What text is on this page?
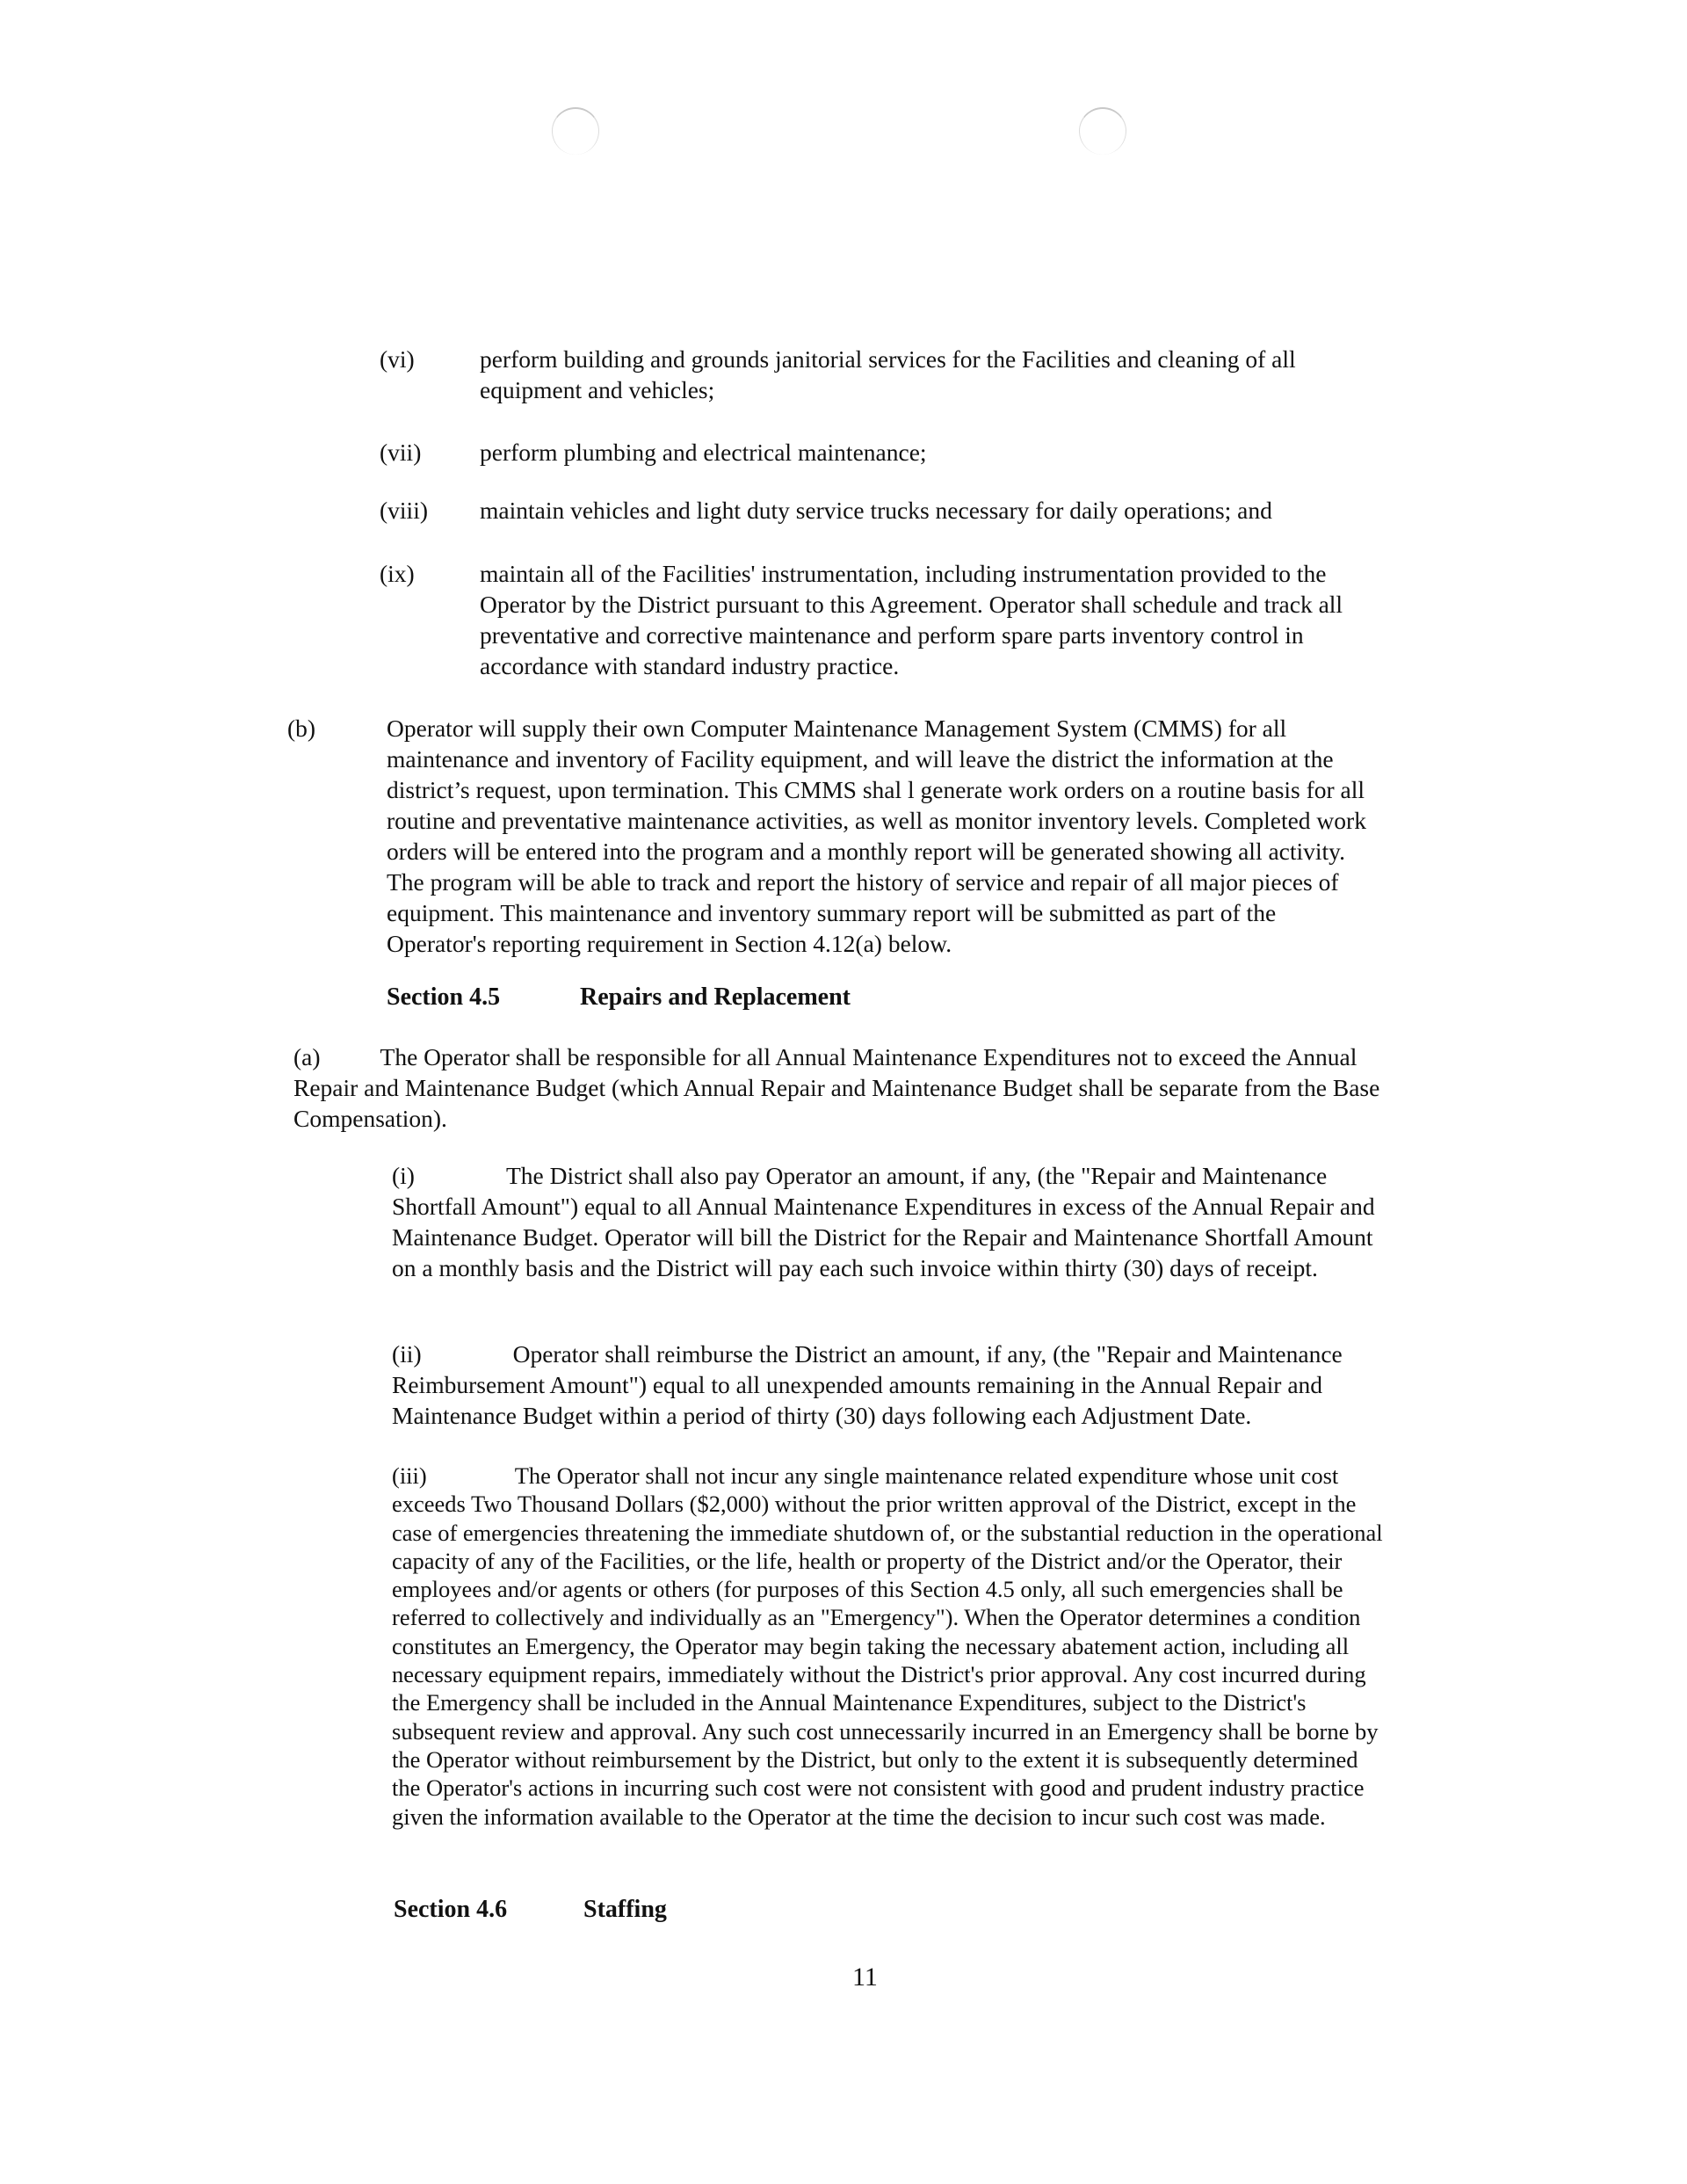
(vi)	perform building and grounds janitorial services for the Facilities and cleaning of all equipment and vehicles;

(vii) perform plumbing and electrical maintenance;

(viii) maintain vehicles and light duty service trucks necessary for daily operations; and

(ix)	maintain all of the Facilities' instrumentation, including instrumentation provided to the Operator by the District pursuant to this Agreement. Operator shall schedule and track all preventative and corrective maintenance and perform spare parts inventory control in accordance with standard industry practice.

(b)	Operator will supply their own Computer Maintenance Management System (CMMS) for all maintenance and inventory of Facility equipment, and will leave the district the information at the district’s request, upon termination. This CMMS shal l generate work orders on a routine basis for all routine and preventative maintenance activities, as well as monitor inventory levels. Completed work orders will be entered into the program and a monthly report will be generated showing all activity. The program will be able to track and report the history of service and repair of all major pieces of equipment. This maintenance and inventory summary report will be submitted as part of the Operator's reporting requirement in Section 4.12(a) below.

Section 4.5	Repairs and Replacement

(a) The Operator shall be responsible for all Annual Maintenance Expenditures not to exceed the Annual Repair and Maintenance Budget (which Annual Repair and Maintenance Budget shall be separate from the Base Compensation).

(i)	The District shall also pay Operator an amount, if any, (the "Repair and Maintenance Shortfall Amount") equal to all Annual Maintenance Expenditures in excess of the Annual Repair and Maintenance Budget. Operator will bill the District for the Repair and Maintenance Shortfall Amount on a monthly basis and the District will pay each such invoice within thirty (30) days of receipt.

(ii)	Operator shall reimburse the District an amount, if any, (the "Repair and Maintenance Reimbursement Amount") equal to all unexpended amounts remaining in the Annual Repair and Maintenance Budget within a period of thirty (30) days following each Adjustment Date.

(iii)	The Operator shall not incur any single maintenance related expenditure whose unit cost exceeds Two Thousand Dollars ($2,000) without the prior written approval of the District, except in the case of emergencies threatening the immediate shutdown of, or the substantial reduction in the operational capacity of any of the Facilities, or the life, health or property of the District and/or the Operator, their employees and/or agents or others (for purposes of this Section 4.5 only, all such emergencies shall be referred to collectively and individually as an "Emergency"). When the Operator determines a condition constitutes an Emergency, the Operator may begin taking the necessary abatement action, including all necessary equipment repairs, immediately without the District's prior approval. Any cost incurred during the Emergency shall be included in the Annual Maintenance Expenditures, subject to the District's subsequent review and approval. Any such cost unnecessarily incurred in an Emergency shall be borne by the Operator without reimbursement by the District, but only to the extent it is subsequently determined the Operator's actions in incurring such cost were not consistent with good and prudent industry practice given the information available to the Operator at the time the decision to incur such cost was made.

Section 4.6	Staffing
11
